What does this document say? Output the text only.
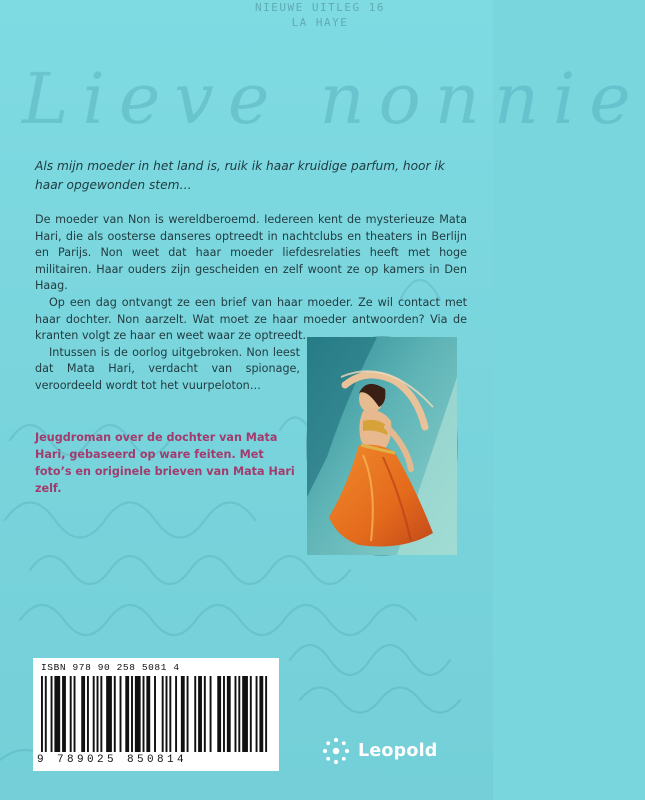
NIEUWE UITLEG 16
LA HAYE
Lieve nonnie

Als mijn moeder in het land is, ruik ik haar kruidige parfum, hoor ik haar opgewonden stem…

De moeder van Non is wereldberoemd. Iedereen kent de mysterieuze Mata Hari, die als oosterse danseres optreedt in nachtclubs en theaters in Berlijn en Parijs. Non weet dat haar moeder liefdesrelaties heeft met hoge militairen. Haar ouders zijn gescheiden en zelf woont ze op kamers in Den Haag.

Op een dag ontvangt ze een brief van haar moeder. Ze wil contact met haar dochter. Non aarzelt. Wat moet ze haar moeder antwoorden? Via de kranten volgt ze haar en weet waar ze optreedt.

Intussen is de oorlog uitgebroken. Non leest dat Mata Hari, verdacht van spionage, veroordeeld wordt tot het vuurpeloton…

Jeugdroman over de dochter van Mata Hari, gebaseerd op ware feiten. Met foto’s en originele brieven van Mata Hari zelf.

ISBN 978 90 258 5081 4
9 789025 850814	Leopold
